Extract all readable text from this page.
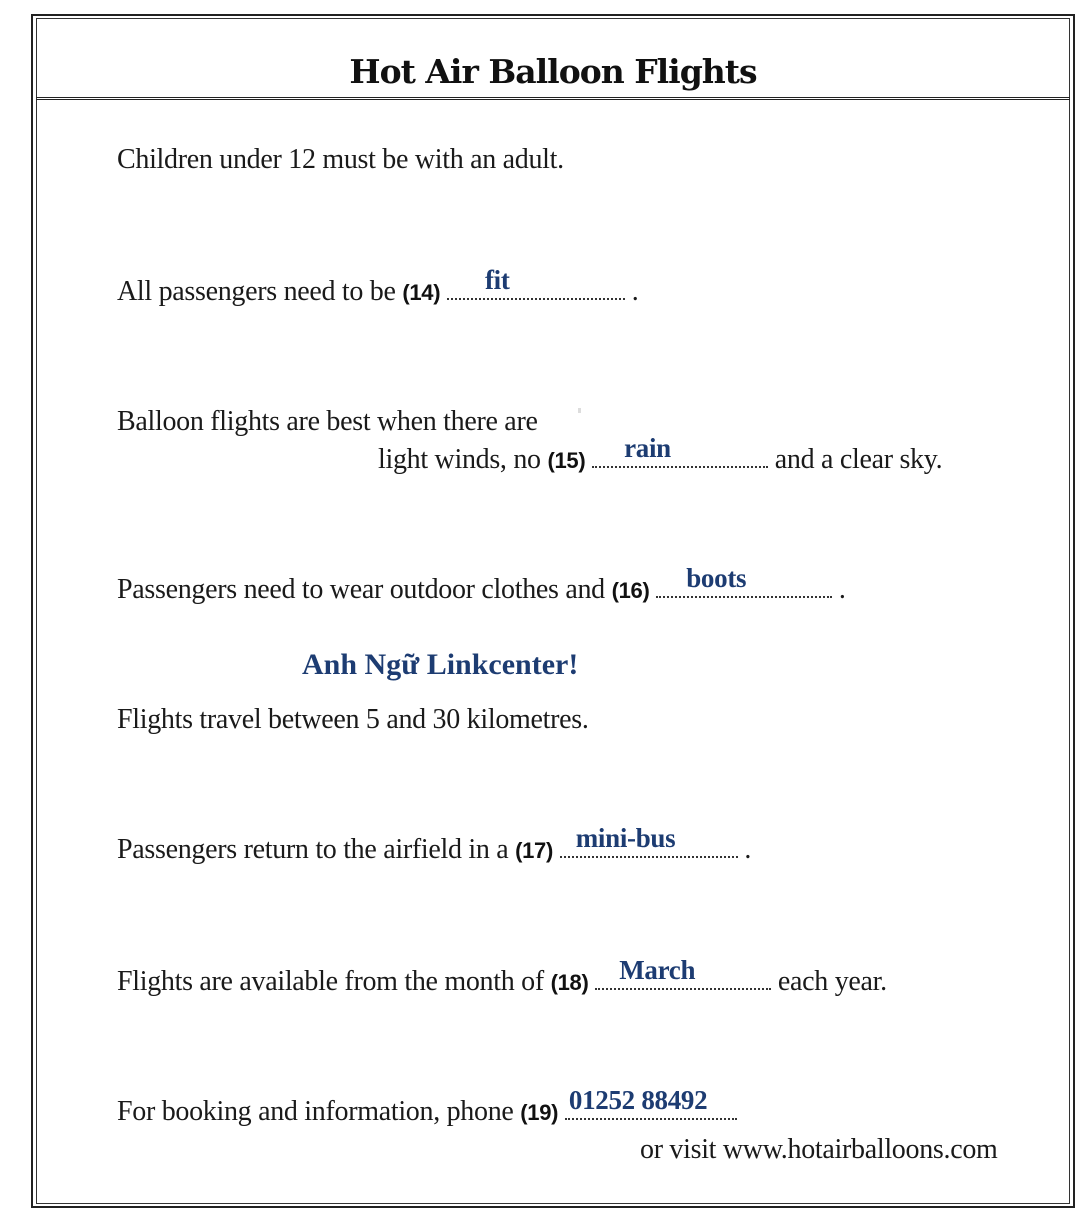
Hot Air Balloon Flights
Children under 12 must be with an adult.
All passengers need to be (14) fit	.
Balloon flights are best when there are
light winds, no (15) rain	and a clear sky.
Passengers need to wear outdoor clothes and (16) boots	.
Anh Ngữ Linkcenter!
Flights travel between 5 and 30 kilometres.
Passengers return to the airfield in a (17) mini-bus .
Flights are available from the month of (18) March	each year.
For booking and information, phone (19) 01252 88492
or visit www.hotairballoons.com
